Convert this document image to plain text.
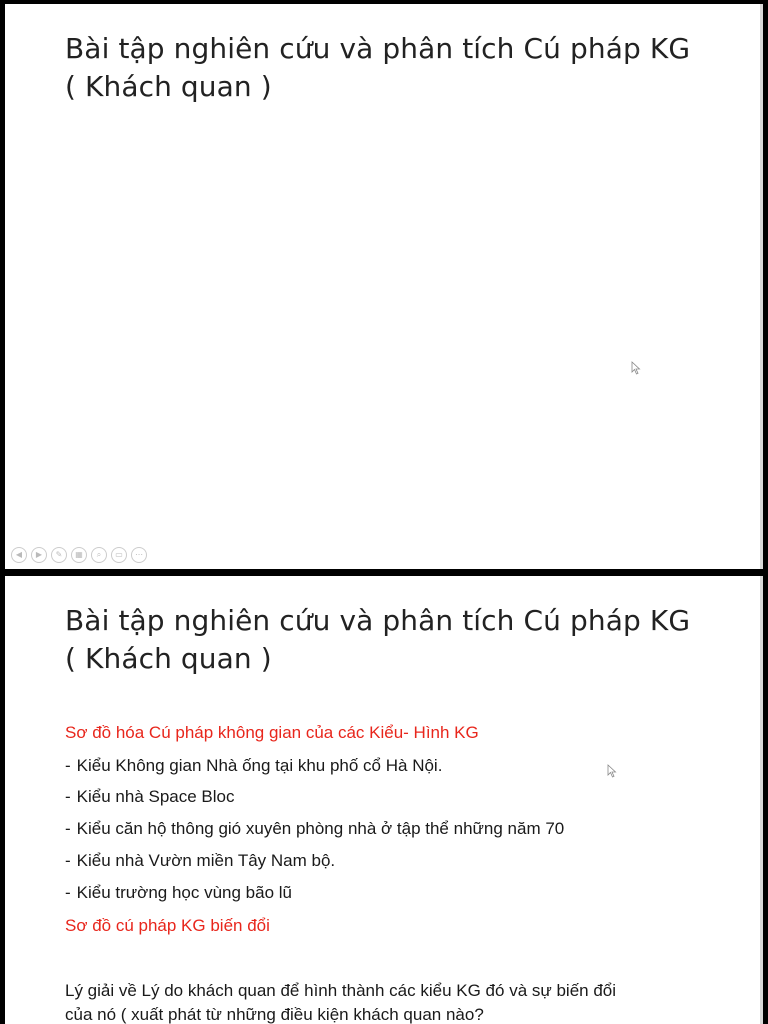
Bài tập nghiên cứu và phân tích Cú pháp KG
( Khách quan )
◀	▶	✎	▦	⌕	▭	⋯
Bài tập nghiên cứu và phân tích Cú pháp KG
( Khách quan )
Sơ đồ hóa Cú pháp không gian của các Kiểu- Hình KG
- Kiểu Không gian Nhà ống tại khu phố cổ Hà Nội.
- Kiểu nhà Space Bloc
- Kiểu căn hộ thông gió xuyên phòng nhà ở tập thể những năm 70
- Kiểu nhà Vườn miền Tây Nam bộ.
- Kiểu trường học vùng bão lũ
Sơ đồ cú pháp KG biến đổi
Lý giải về Lý do khách quan để hình thành các kiểu KG đó và sự biến đổi
của nó ( xuất phát từ những điều kiện khách quan nào?
